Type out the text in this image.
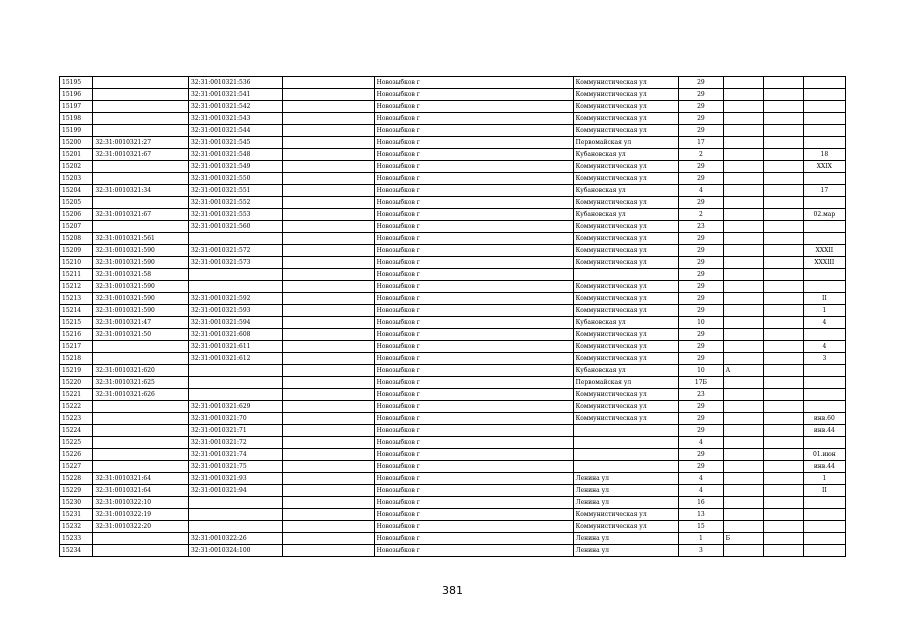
15195		32:31:0010321:536		Новозыбков г	Коммунистическая ул	29			
15196		32:31:0010321:541		Новозыбков г	Коммунистическая ул	29			
15197		32:31:0010321:542		Новозыбков г	Коммунистическая ул	29			
15198		32:31:0010321:543		Новозыбков г	Коммунистическая ул	29			
15199		32:31:0010321:544		Новозыбков г	Коммунистическая ул	29			
15200	32:31:0010321:27	32:31:0010321:545		Новозыбков г	Первомайская ул	17			
15201	32:31:0010321:67	32:31:0010321:548		Новозыбков г	Кубановская ул	2			18
15202		32:31:0010321:549		Новозыбков г	Коммунистическая ул	29			XXIX
15203		32:31:0010321:550		Новозыбков г	Коммунистическая ул	29			
15204	32:31:0010321:34	32:31:0010321:551		Новозыбков г	Кубановская ул	4			17
15205		32:31:0010321:552		Новозыбков г	Коммунистическая ул	29			
15206	32:31:0010321:67	32:31:0010321:553		Новозыбков г	Кубановская ул	2			02.мар
15207		32:31:0010321:560		Новозыбков г	Коммунистическая ул	23			
15208	32:31:0010321:561			Новозыбков г	Коммунистическая ул	29			
15209	32:31:0010321:590	32:31:0010321:572		Новозыбков г	Коммунистическая ул	29			XXXII
15210	32:31:0010321:590	32:31:0010321:573		Новозыбков г	Коммунистическая ул	29			XXXIII
15211	32:31:0010321:58			Новозыбков г		29			
15212	32:31:0010321:590			Новозыбков г	Коммунистическая ул	29			
15213	32:31:0010321:590	32:31:0010321:592		Новозыбков г	Коммунистическая ул	29			II
15214	32:31:0010321:590	32:31:0010321:593		Новозыбков г	Коммунистическая ул	29			1
15215	32:31:0010321:47	32:31:0010321:594		Новозыбков г	Кубановская ул	10			4
15216	32:31:0010321:50	32:31:0010321:608		Новозыбков г	Коммунистическая ул	29			
15217		32:31:0010321:611		Новозыбков г	Коммунистическая ул	29			4
15218		32:31:0010321:612		Новозыбков г	Коммунистическая ул	29			3
15219	32:31:0010321:620			Новозыбков г	Кубановская ул	10	А		
15220	32:31:0010321:625			Новозыбков г	Первомайская ул	17Б			
15221	32:31:0010321:626			Новозыбков г	Коммунистическая ул	23			
15222		32:31:0010321:629		Новозыбков г	Коммунистическая ул	29			
15223		32:31:0010321:70		Новозыбков г	Коммунистическая ул	29			инв.60
15224		32:31:0010321:71		Новозыбков г		29			инв.44
15225		32:31:0010321:72		Новозыбков г		4			
15226		32:31:0010321:74		Новозыбков г		29			01.июн
15227		32:31:0010321:75		Новозыбков г		29			инв.44
15228	32:31:0010321:64	32:31:0010321:93		Новозыбков г	Ленина ул	4			1
15229	32:31:0010321:64	32:31:0010321:94		Новозыбков г	Ленина ул	4			II
15230	32:31:0010322:10			Новозыбков г	Ленина ул	16			
15231	32:31:0010322:19			Новозыбков г	Коммунистическая ул	13			
15232	32:31:0010322:20			Новозыбков г	Коммунистическая ул	15			
15233		32:31:0010322:26		Новозыбков г	Ленина ул	1	Б		
15234		32:31:0010324:100		Новозыбков г	Ленина ул	3			
381
